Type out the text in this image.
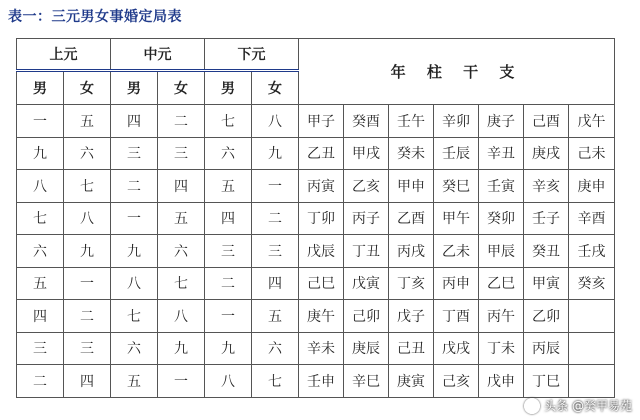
表一：三元男女事婚定局表
上元		中元		下元		年 柱 干 支						
男	女	男	女	男	女							
一	五	四	二	七	八	甲子	癸酉	壬午	辛卯	庚子	己酉	戊午
九	六	三	三	六	九	乙丑	甲戌	癸未	壬辰	辛丑	庚戌	己未
八	七	二	四	五	一	丙寅	乙亥	甲申	癸巳	壬寅	辛亥	庚申
七	八	一	五	四	二	丁卯	丙子	乙酉	甲午	癸卯	壬子	辛酉
六	九	九	六	三	三	戊辰	丁丑	丙戌	乙未	甲辰	癸丑	壬戌
五	一	八	七	二	四	己巳	戊寅	丁亥	丙申	乙巳	甲寅	癸亥
四	二	七	八	一	五	庚午	己卯	戊子	丁酉	丙午	乙卯	
三	三	六	九	九	六	辛未	庚辰	己丑	戊戌	丁未	丙辰	
二	四	五	一	八	七	壬申	辛巳	庚寅	己亥	戊申	丁巳	
头条 @癸甲易苑
